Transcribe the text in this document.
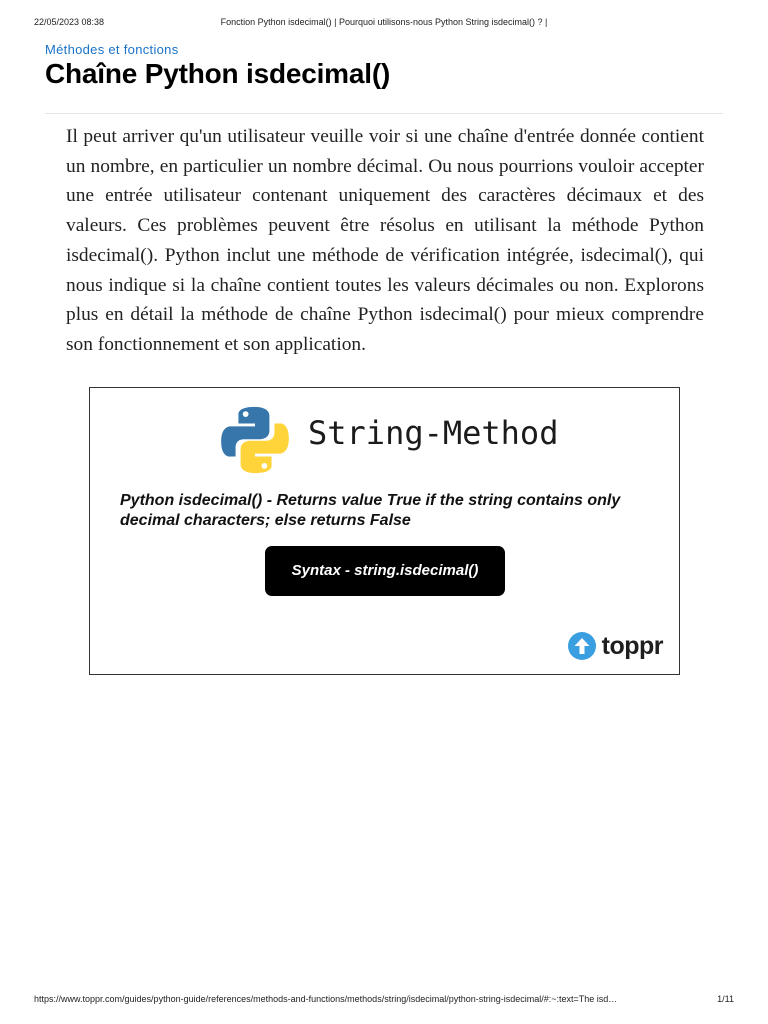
22/05/2023 08:38	Fonction Python isdecimal() | Pourquoi utilisons-nous Python String isdecimal() ? |
Méthodes et fonctions
Chaîne Python isdecimal()

Il peut arriver qu'un utilisateur veuille voir si une chaîne d'entrée donnée contient un nombre, en particulier un nombre décimal. Ou nous pourrions vouloir accepter une entrée utilisateur contenant uniquement des caractères décimaux et des valeurs. Ces problèmes peuvent être résolus en utilisant la méthode Python isdecimal(). Python inclut une méthode de vérification intégrée, isdecimal(), qui nous indique si la chaîne contient toutes les valeurs décimales ou non. Explorons plus en détail la méthode de chaîne Python isdecimal() pour mieux comprendre son fonctionnement et son application.

String-Method
Python isdecimal() - Returns value True if the string contains only decimal characters; else returns False
Syntax - string.isdecimal()
toppr
https://www.toppr.com/guides/python-guide/references/methods-and-functions/methods/string/isdecimal/python-string-isdecimal/#:~:text=The isd…	1/11
